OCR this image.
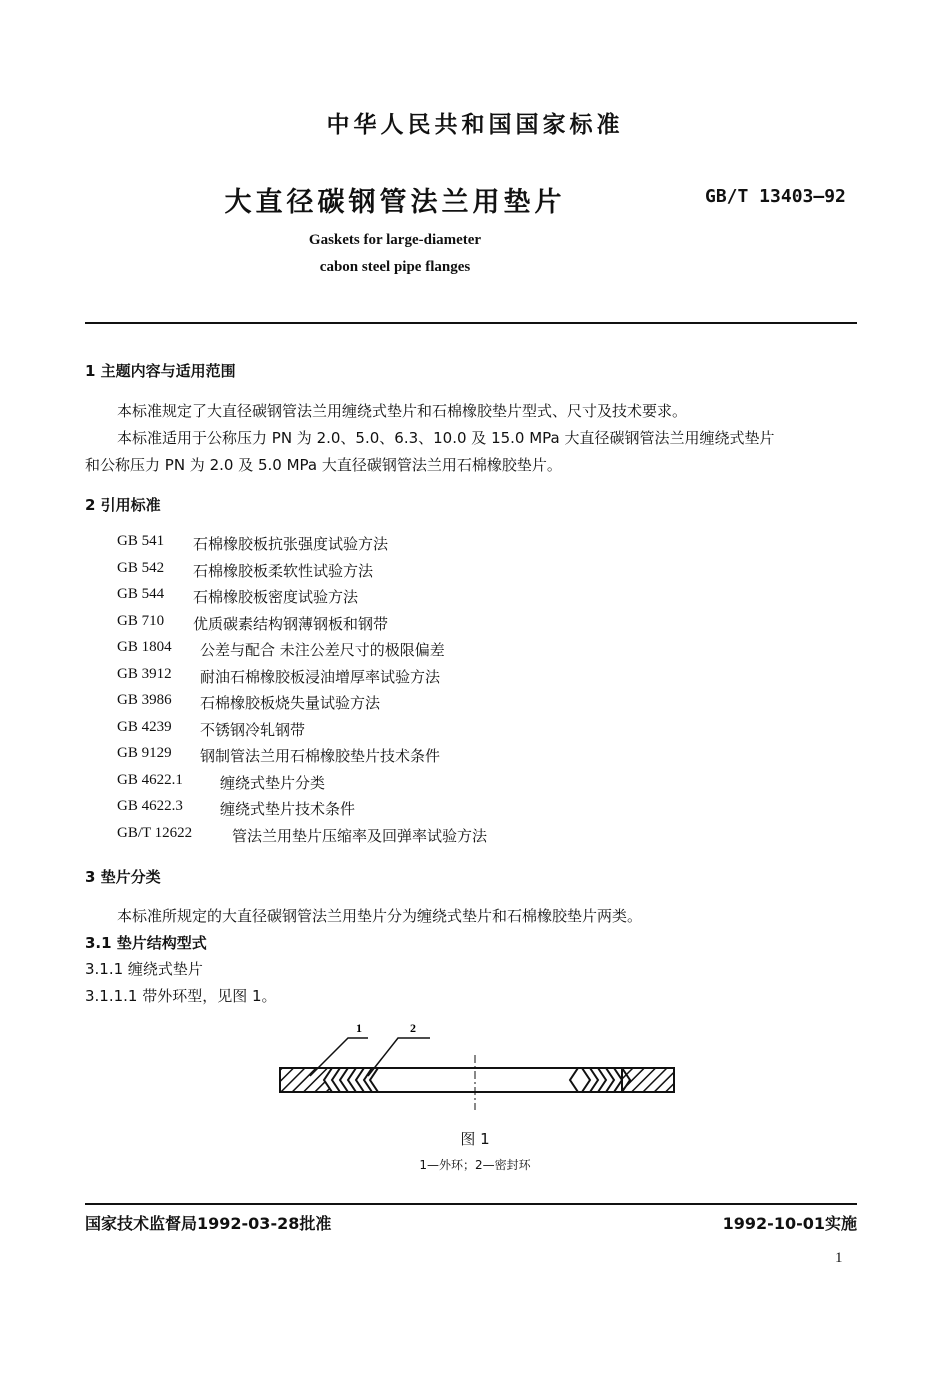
中华人民共和国国家标准
大直径碳钢管法兰用垫片	GB/T 13403—92
Gaskets for large-diameter
cabon steel pipe flanges
1 主题内容与适用范围
本标准规定了大直径碳钢管法兰用缠绕式垫片和石棉橡胶垫片型式、尺寸及技术要求。
本标准适用于公称压力 PN 为 2.0、5.0、6.3、10.0 及 15.0 MPa 大直径碳钢管法兰用缠绕式垫片
和公称压力 PN 为 2.0 及 5.0 MPa 大直径碳钢管法兰用石棉橡胶垫片。
2 引用标准
GB 541 石棉橡胶板抗张强度试验方法
GB 542 石棉橡胶板柔软性试验方法
GB 544 石棉橡胶板密度试验方法
GB 710 优质碳素结构钢薄钢板和钢带
GB 1804 公差与配合 未注公差尺寸的极限偏差
GB 3912 耐油石棉橡胶板浸油增厚率试验方法
GB 3986 石棉橡胶板烧失量试验方法
GB 4239 不锈钢冷轧钢带
GB 9129 钢制管法兰用石棉橡胶垫片技术条件
GB 4622.1 缠绕式垫片分类
GB 4622.3 缠绕式垫片技术条件
GB/T 12622	管法兰用垫片压缩率及回弹率试验方法
3 垫片分类
本标准所规定的大直径碳钢管法兰用垫片分为缠绕式垫片和石棉橡胶垫片两类。
3.1 垫片结构型式
3.1.1 缠绕式垫片
3.1.1.1 带外环型，见图 1。
1	2
图 1
1—外环；2—密封环
国家技术监督局1992-03-28批准	1992-10-01实施
1
